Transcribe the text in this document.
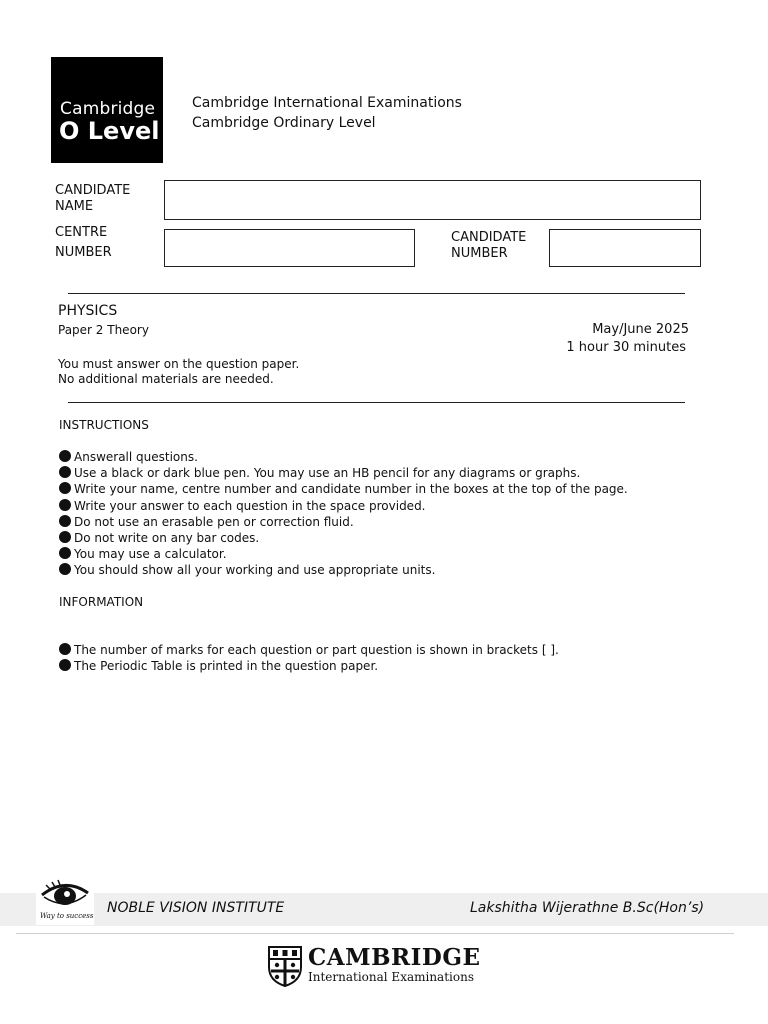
Cambridge
O Level
Cambridge International Examinations
Cambridge Ordinary Level
CANDIDATE
NAME
CENTRE
NUMBER
CANDIDATE
NUMBER
PHYSICS
Paper 2 Theory	May/June 2025
1 hour 30 minutes
You must answer on the question paper.
No additional materials are needed.
INSTRUCTIONS
Answerall questions.
Use a black or dark blue pen. You may use an HB pencil for any diagrams or graphs.
Write your name, centre number and candidate number in the boxes at the top of the page.
Write your answer to each question in the space provided.
Do not use an erasable pen or correction fluid.
Do not write on any bar codes.
You may use a calculator.
You should show all your working and use appropriate units.
INFORMATION
The number of marks for each question or part question is shown in brackets [ ].
The Periodic Table is printed in the question paper.
Way to success NOBLE VISION INSTITUTE	Lakshitha Wijerathne B.Sc(Hon’s)
CAMBRIDGE
International Examinations
